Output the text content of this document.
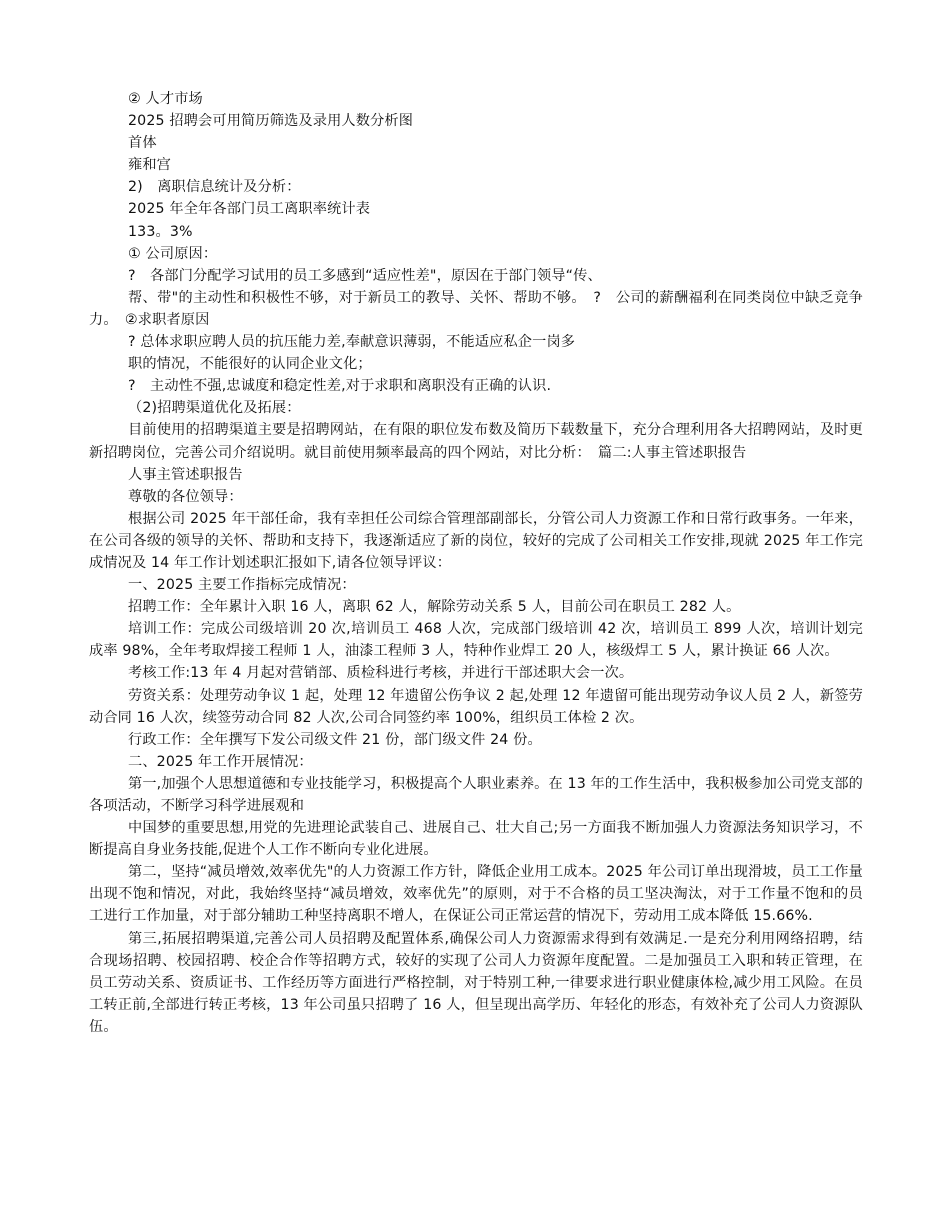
② 人才市场

2025 招聘会可用简历筛选及录用人数分析图

首体

雍和宫

2)　离职信息统计及分析：

2025 年全年各部门员工离职率统计表

133。3%

① 公司原因：

?　各部门分配学习试用的员工多感到“适应性差"，原因在于部门领导“传、

帮、带"的主动性和积极性不够，对于新员工的教导、关怀、帮助不够。　?　公司的薪酬福利在同类岗位中缺乏竞争力。　②求职者原因

? 总体求职应聘人员的抗压能力差,奉献意识薄弱，不能适应私企一岗多

职的情况，不能很好的认同企业文化；

?　主动性不强,忠诚度和稳定性差,对于求职和离职没有正确的认识.

（2)招聘渠道优化及拓展：

目前使用的招聘渠道主要是招聘网站，在有限的职位发布数及简历下载数量下，充分合理利用各大招聘网站，及时更新招聘岗位，完善公司介绍说明。就目前使用频率最高的四个网站，对比分析：　篇二:人事主管述职报告

人事主管述职报告

尊敬的各位领导：

根据公司 2025 年干部任命，我有幸担任公司综合管理部副部长，分管公司人力资源工作和日常行政事务。一年来，在公司各级的领导的关怀、帮助和支持下，我逐渐适应了新的岗位，较好的完成了公司相关工作安排,现就 2025 年工作完成情况及 14 年工作计划述职汇报如下,请各位领导评议：

一、2025 主要工作指标完成情况：

招聘工作：全年累计入职 16 人，离职 62 人，解除劳动关系 5 人，目前公司在职员工 282 人。

培训工作：完成公司级培训 20 次,培训员工 468 人次，完成部门级培训 42 次，培训员工 899 人次，培训计划完成率 98%，全年考取焊接工程师 1 人，油漆工程师 3 人，特种作业焊工 20 人，核级焊工 5 人，累计换证 66 人次。

考核工作:13 年 4 月起对营销部、质检科进行考核，并进行干部述职大会一次。

劳资关系：处理劳动争议 1 起，处理 12 年遗留公伤争议 2 起,处理 12 年遗留可能出现劳动争议人员 2 人，新签劳动合同 16 人次，续签劳动合同 82 人次,公司合同签约率 100%，组织员工体检 2 次。

行政工作：全年撰写下发公司级文件 21 份，部门级文件 24 份。

二、2025 年工作开展情况：

第一,加强个人思想道德和专业技能学习，积极提高个人职业素养。在 13 年的工作生活中，我积极参加公司党支部的各项活动，不断学习科学进展观和

中国梦的重要思想,用党的先进理论武装自己、进展自己、壮大自己;另一方面我不断加强人力资源法务知识学习，不断提高自身业务技能,促进个人工作不断向专业化进展。

第二，坚持“减员增效,效率优先"的人力资源工作方针，降低企业用工成本。2025 年公司订单出现滑坡，员工工作量出现不饱和情况，对此，我始终坚持“减员增效，效率优先”的原则，对于不合格的员工坚决淘汰，对于工作量不饱和的员工进行工作加量，对于部分辅助工种坚持离职不增人，在保证公司正常运营的情况下，劳动用工成本降低 15.66%.

第三,拓展招聘渠道,完善公司人员招聘及配置体系,确保公司人力资源需求得到有效满足.一是充分利用网络招聘，结合现场招聘、校园招聘、校企合作等招聘方式，较好的实现了公司人力资源年度配置。二是加强员工入职和转正管理，在员工劳动关系、资质证书、工作经历等方面进行严格控制，对于特别工种,一律要求进行职业健康体检,减少用工风险。在员工转正前,全部进行转正考核，13 年公司虽只招聘了 16 人，但呈现出高学历、年轻化的形态，有效补充了公司人力资源队伍。
